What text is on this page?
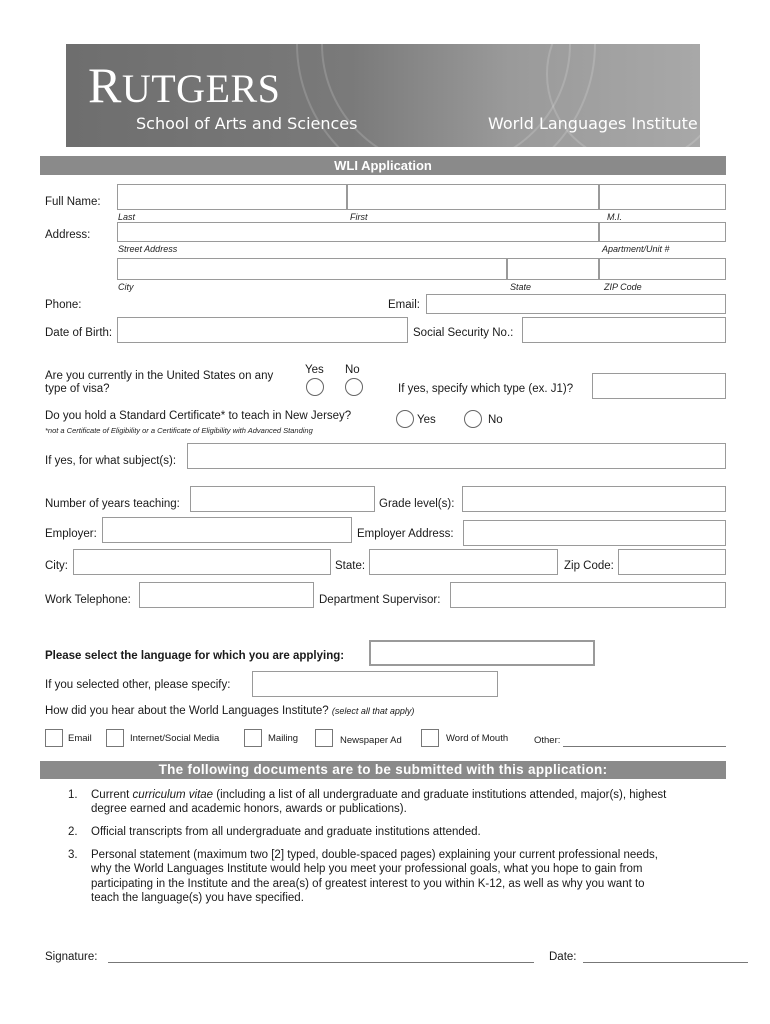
RUTGERS
School of Arts and Sciences	World Languages Institute
WLI Application
Full Name:
Last	First	M.I.
Address:
Street Address	Apartment/Unit #
City	State	ZIP Code
Phone:	Email:
Date of Birth:	Social Security No.:
Yes No
Are you currently in the United States on any
type of visa?	If yes, specify which type (ex. J1)?
Do you hold a Standard Certificate* to teach in New Jersey?
*not a Certificate of Eligibility or a Certificate of Eligibility with Advanced Standing
Yes	No
If yes, for what subject(s):
Number of years teaching:	Grade level(s):
Employer:	Employer Address:
City:	State:	Zip Code:
Work Telephone:	Department Supervisor:
Please select the language for which you are applying:
If you selected other, please specify:
How did you hear about the World Languages Institute? (select all that apply)
Email	Internet/Social Media	Mailing	Newspaper Ad	Word of Mouth	Other:
The following documents are to be submitted with this application:
1. Current curriculum vitae (including a list of all undergraduate and graduate institutions attended, major(s), highest
degree earned and academic honors, awards or publications).
2. Official transcripts from all undergraduate and graduate institutions attended.
3. Personal statement (maximum two [2] typed, double-spaced pages) explaining your current professional needs,
why the World Languages Institute would help you meet your professional goals, what you hope to gain from
participating in the Institute and the area(s) of greatest interest to you within K-12, as well as why you want to
teach the language(s) you have specified.
Signature:	Date:
